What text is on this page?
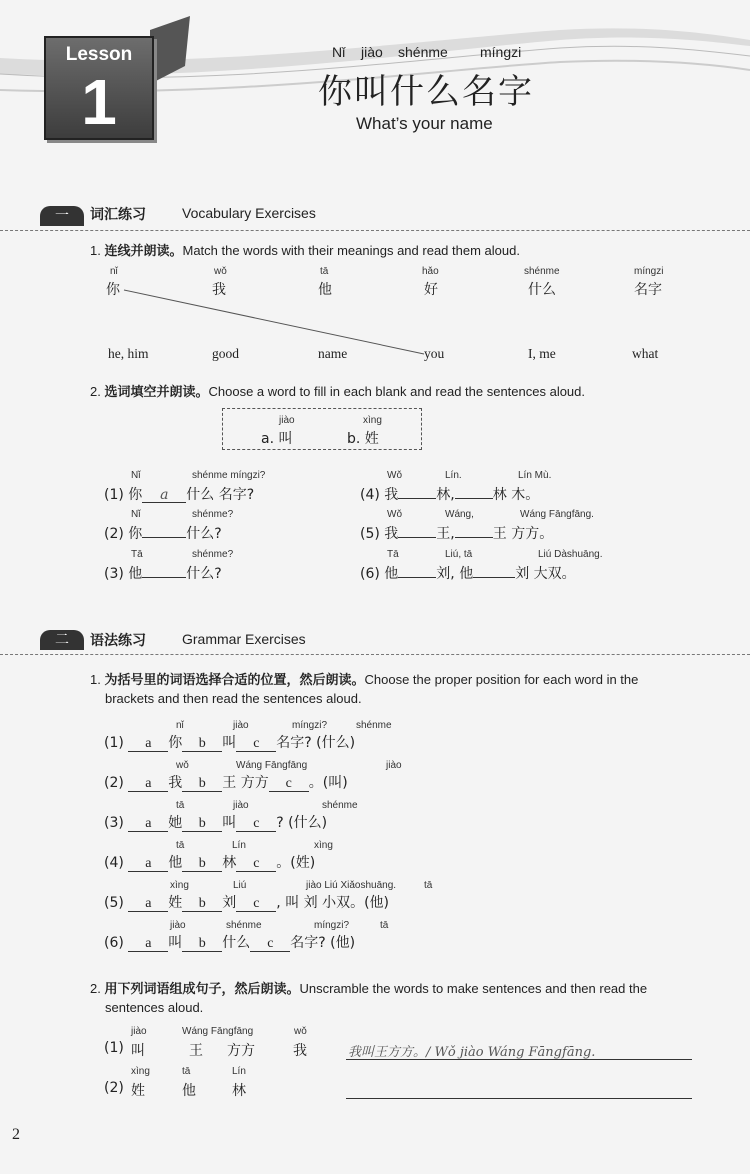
Lesson
1
Nǐ jiào shénme míngzi
你叫什么名字
What’s your name
一	词汇练习	Vocabulary Exercises
1. 连线并朗读。Match the words with their meanings and read them aloud.
nǐ
你
wǒ
我
tā
他
hǎo
好
shénme
什么
míngzi
名字
he, him	good	name	you	I, me	what
2. 选词填空并朗读。Choose a word to fill in each blank and read the sentences aloud.
jiào
a. 叫
xìng
b. 姓
Nǐ	shénme míngzi?
(1) 你 a 什么 名字?
Nǐ	shénme?
(2) 你	什么?
Tā	shénme?
(3) 他	什么?
Wǒ	Lín.	Lín Mù.
(4) 我	林,	林 木。
Wǒ	Wáng,	Wáng Fāngfāng.
(5) 我	王,	王 方方。
Tā	Liú, tā	Liú Dàshuāng.
(6) 他	刘, 他	刘 大双。
二	语法练习	Grammar Exercises
1. 为括号里的词语选择合适的位置，然后朗读。Choose the proper position for each word in the
brackets and then read the sentences aloud.
nǐ	jiào	míngzi?	shénme
(1) a 你 b 叫 c 名字? (什么)
wǒ	Wáng Fāngfāng	jiào
(2) a 我 b 王 方方 c 。(叫)
tā	jiào	shénme
(3) a 她 b 叫 c ? (什么)
tā	Lín	xìng
(4) a 他 b 林 c 。(姓)
xìng	Liú	jiào Liú Xiǎoshuāng.	tā
(5) a 姓 b 刘 c , 叫 刘 小双。(他)
jiào	shénme	míngzi?	tā
(6) a 叫 b 什么 c 名字? (他)
2. 用下列词语组成句子，然后朗读。Unscramble the words to make sentences and then read the
sentences aloud.
jiào	Wáng Fāngfāng	wǒ
(1) 叫	王 方方	我	我叫王方方。/ Wǒ jiào Wáng Fāngfāng.
xìng	tā	Lín
(2) 姓	他	林
2
